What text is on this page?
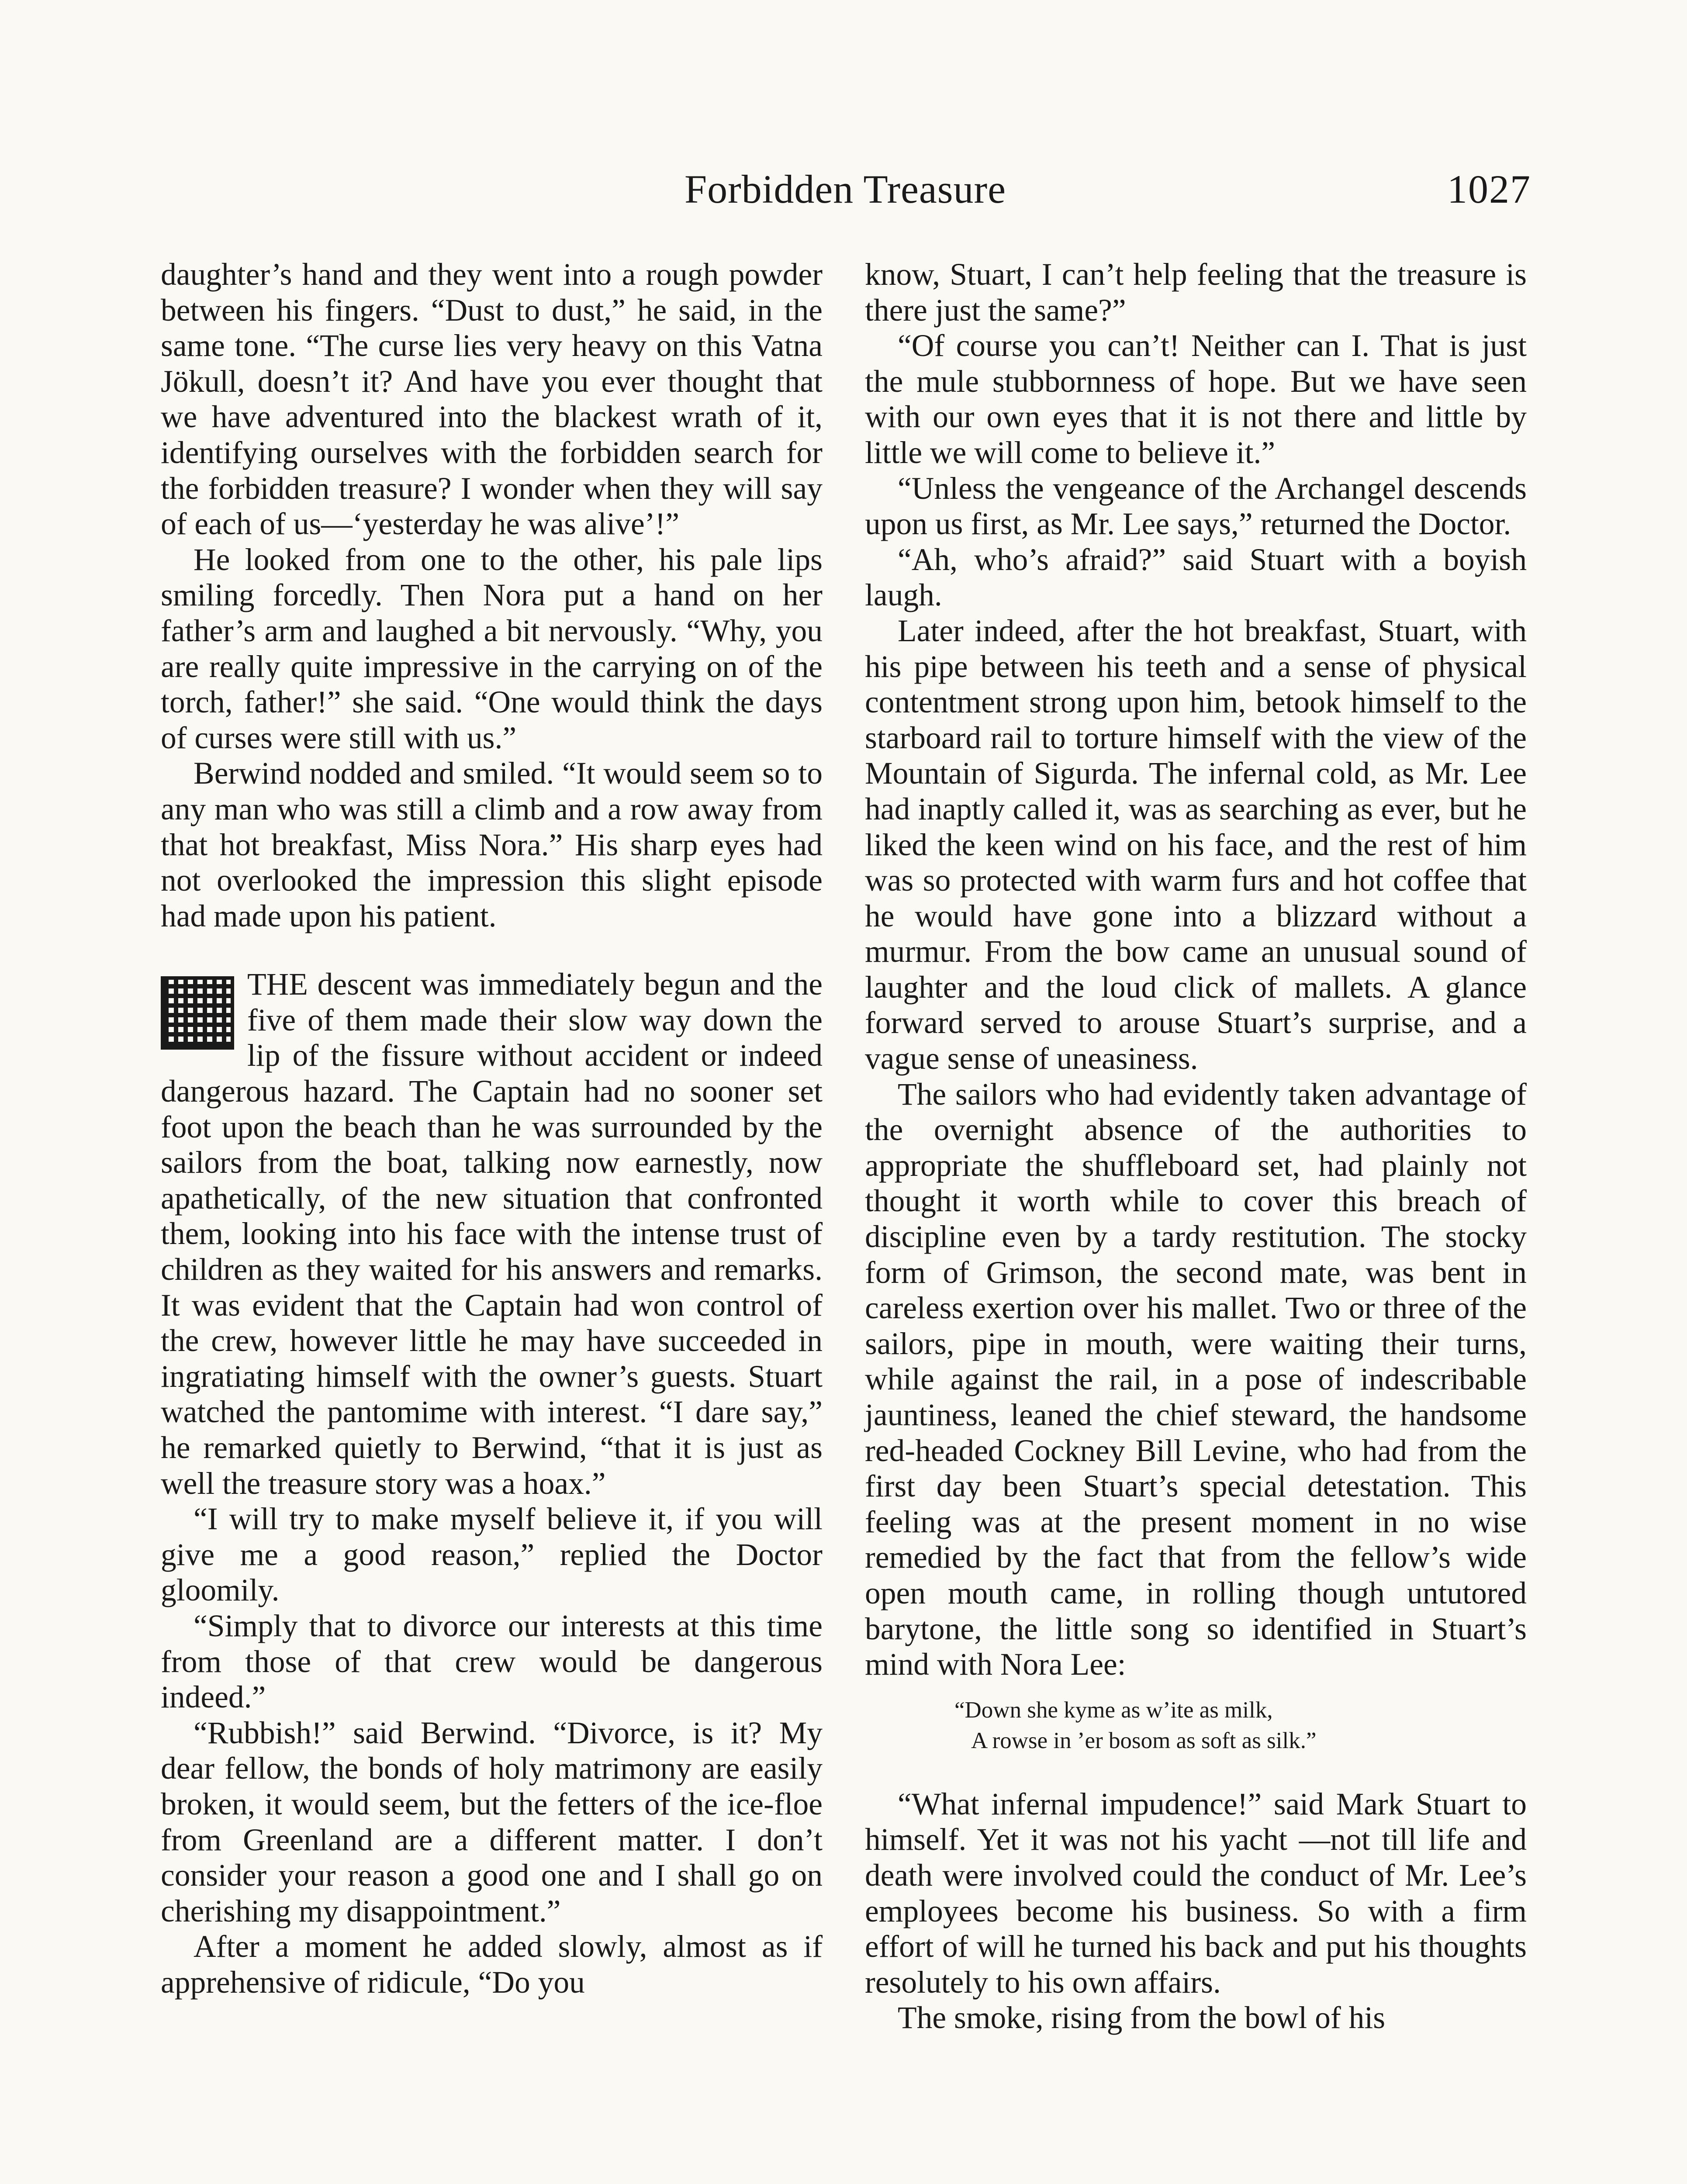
Forbidden Treasure	1027

daughter’s hand and they went into a rough powder between his fingers. “Dust to dust,” he said, in the same tone. “The curse lies very heavy on this Vatna Jökull, doesn’t it? And have you ever thought that we have adventured into the blackest wrath of it, identifying ourselves with the forbidden search for the forbidden treasure? I wonder when they will say of each of us—‘yesterday he was alive’!”

He looked from one to the other, his pale lips smiling forcedly. Then Nora put a hand on her father’s arm and laughed a bit nervously. “Why, you are really quite impressive in the carrying on of the torch, father!” she said. “One would think the days of curses were still with us.”

Berwind nodded and smiled. “It would seem so to any man who was still a climb and a row away from that hot breakfast, Miss Nora.” His sharp eyes had not overlooked the impression this slight episode had made upon his patient.

THE descent was immediately begun and the five of them made their slow way down the lip of the fissure without accident or indeed dangerous hazard. The Captain had no sooner set foot upon the beach than he was surrounded by the sailors from the boat, talking now earnestly, now apathetically, of the new situation that confronted them, looking into his face with the intense trust of children as they waited for his answers and remarks. It was evident that the Captain had won control of the crew, however little he may have succeeded in ingratiating himself with the owner’s guests. Stuart watched the pantomime with interest. “I dare say,” he remarked quietly to Berwind, “that it is just as well the treasure story was a hoax.”

“I will try to make myself believe it, if you will give me a good reason,” replied the Doctor gloomily.

“Simply that to divorce our interests at this time from those of that crew would be dangerous indeed.”

“Rubbish!” said Berwind. “Divorce, is it? My dear fellow, the bonds of holy matrimony are easily broken, it would seem, but the fetters of the ice-floe from Greenland are a different matter. I don’t consider your reason a good one and I shall go on cherishing my disappointment.”

After a moment he added slowly, almost as if apprehensive of ridicule, “Do you

know, Stuart, I can’t help feeling that the treasure is there just the same?”

“Of course you can’t! Neither can I. That is just the mule stubbornness of hope. But we have seen with our own eyes that it is not there and little by little we will come to believe it.”

“Unless the vengeance of the Archangel descends upon us first, as Mr. Lee says,” returned the Doctor.

“Ah, who’s afraid?” said Stuart with a boyish laugh.

Later indeed, after the hot breakfast, Stuart, with his pipe between his teeth and a sense of physical contentment strong upon him, betook himself to the starboard rail to torture himself with the view of the Mountain of Sigurda. The infernal cold, as Mr. Lee had inaptly called it, was as searching as ever, but he liked the keen wind on his face, and the rest of him was so protected with warm furs and hot coffee that he would have gone into a blizzard without a murmur. From the bow came an unusual sound of laughter and the loud click of mallets. A glance forward served to arouse Stuart’s surprise, and a vague sense of uneasiness.

The sailors who had evidently taken advantage of the overnight absence of the authorities to appropriate the shuffleboard set, had plainly not thought it worth while to cover this breach of discipline even by a tardy restitution. The stocky form of Grimson, the second mate, was bent in careless exertion over his mallet. Two or three of the sailors, pipe in mouth, were waiting their turns, while against the rail, in a pose of indescribable jauntiness, leaned the chief steward, the handsome red-headed Cockney Bill Levine, who had from the first day been Stuart’s special detestation. This feeling was at the present moment in no wise remedied by the fact that from the fellow’s wide open mouth came, in rolling though untutored barytone, the little song so identified in Stuart’s mind with Nora Lee:

“Down she kyme as w’ite as milk,
A rowse in ’er bosom as soft as silk.”

“What infernal impudence!” said Mark Stuart to himself. Yet it was not his yacht —not till life and death were involved could the conduct of Mr. Lee’s employees become his business. So with a firm effort of will he turned his back and put his thoughts resolutely to his own affairs.

The smoke, rising from the bowl of his
